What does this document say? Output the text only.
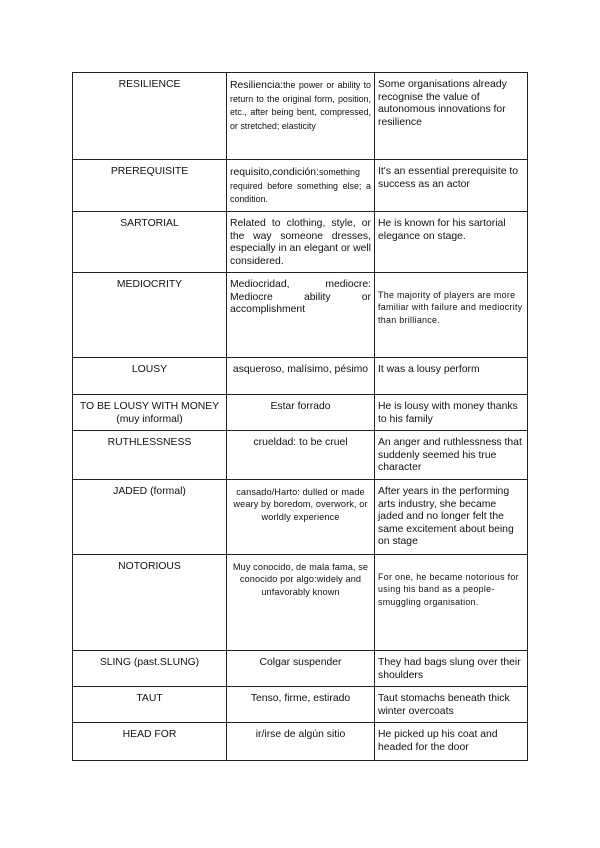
RESILIENCE	Resiliencia:the power or ability to return to the original form, position, etc., after being bent, compressed, or stretched; elasticity	Some organisations already recognise the value of autonomous innovations for resilience
PREREQUISITE	requisito,condición:something required before something else; a condition.	It's an essential prerequisite to success as an actor
SARTORIAL	Related to clothing, style, or the way someone dresses, especially in an elegant or well considered.	He is known for his sartorial elegance on stage.
MEDIOCRITY	Mediocridad, mediocre: Mediocre ability or accomplishment	The majority of players are more familiar with failure and mediocrity than brilliance.
LOUSY	asqueroso, malísimo, pésimo	It was a lousy perform
TO BE LOUSY WITH MONEY (muy informal)	Estar forrado	He is lousy with money thanks to his family
RUTHLESSNESS	crueldad: to be cruel	An anger and ruthlessness that suddenly seemed his true character
JADED (formal)	cansado/Harto: dulled or made weary by boredom, overwork, or worldly experience	After years in the performing arts industry, she became jaded and no longer felt the same excitement about being on stage
NOTORIOUS	Muy conocido, de mala fama, se conocido por algo:widely and unfavorably known	For one, he became notorious for using his band as a people-smuggling organisation.
SLING (past.SLUNG)	Colgar suspender	They had bags slung over their shoulders
TAUT	Tenso, firme, estirado	Taut stomachs beneath thick winter overcoats
HEAD FOR	ir/irse de algún sitio	He picked up his coat and headed for the door
